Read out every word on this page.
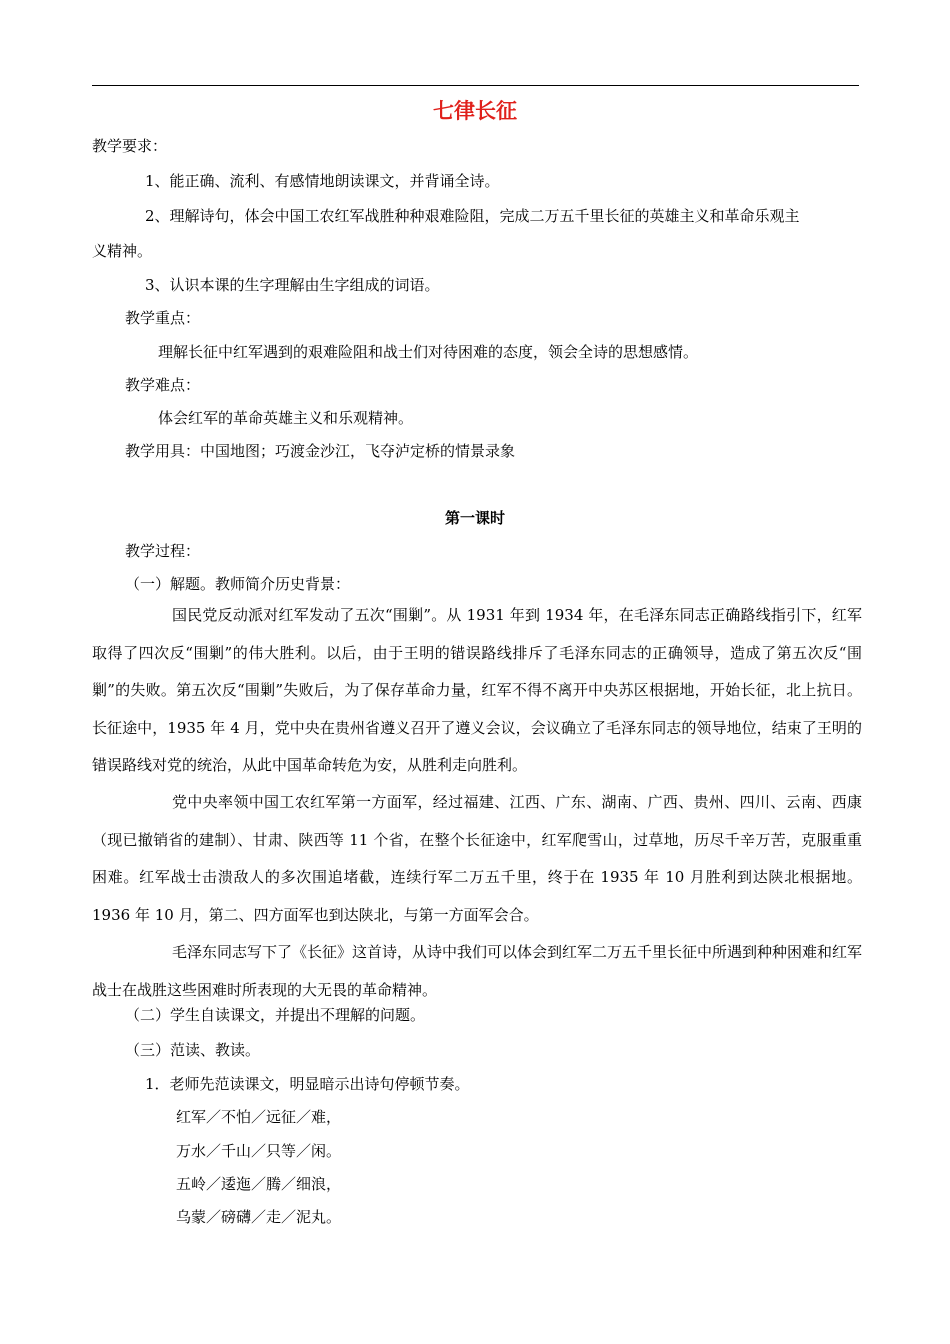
七律长征
教学要求：
1、能正确、流利、有感情地朗读课文，并背诵全诗。
2、理解诗句，体会中国工农红军战胜种种艰难险阻，完成二万五千里长征的英雄主义和革命乐观主
义精神。
3、认识本课的生字理解由生字组成的词语。
教学重点：
理解长征中红军遇到的艰难险阻和战士们对待困难的态度，领会全诗的思想感情。
教学难点：
体会红军的革命英雄主义和乐观精神。
教学用具：中国地图；巧渡金沙江，飞夺泸定桥的情景录象
第一课时
教学过程：
（一）解题。教师简介历史背景：
国民党反动派对红军发动了五次“围剿”。从 1931 年到 1934 年，在毛泽东同志正确路线指引下，红军取得了四次反“围剿”的伟大胜利。以后，由于王明的错误路线排斥了毛泽东同志的正确领导，造成了第五次反“围剿”的失败。第五次反“围剿”失败后，为了保存革命力量，红军不得不离开中央苏区根据地，开始长征，北上抗日。长征途中，1935 年 4 月，党中央在贵州省遵义召开了遵义会议，会议确立了毛泽东同志的领导地位，结束了王明的错误路线对党的统治，从此中国革命转危为安，从胜利走向胜利。
党中央率领中国工农红军第一方面军，经过福建、江西、广东、湖南、广西、贵州、四川、云南、西康（现已撤销省的建制）、甘肃、陕西等 11 个省，在整个长征途中，红军爬雪山，过草地，历尽千辛万苦，克服重重困难。红军战士击溃敌人的多次围追堵截，连续行军二万五千里，终于在 1935 年 10 月胜利到达陕北根据地。1936 年 10 月，第二、四方面军也到达陕北，与第一方面军会合。
毛泽东同志写下了《长征》这首诗，从诗中我们可以体会到红军二万五千里长征中所遇到种种困难和红军战士在战胜这些困难时所表现的大无畏的革命精神。
（二）学生自读课文，并提出不理解的问题。
（三）范读、教读。
1．老师先范读课文，明显暗示出诗句停顿节奏。
红军／不怕／远征／难，
万水／千山／只等／闲。
五岭／逶迤／腾／细浪，
乌蒙／磅礴／走／泥丸。
